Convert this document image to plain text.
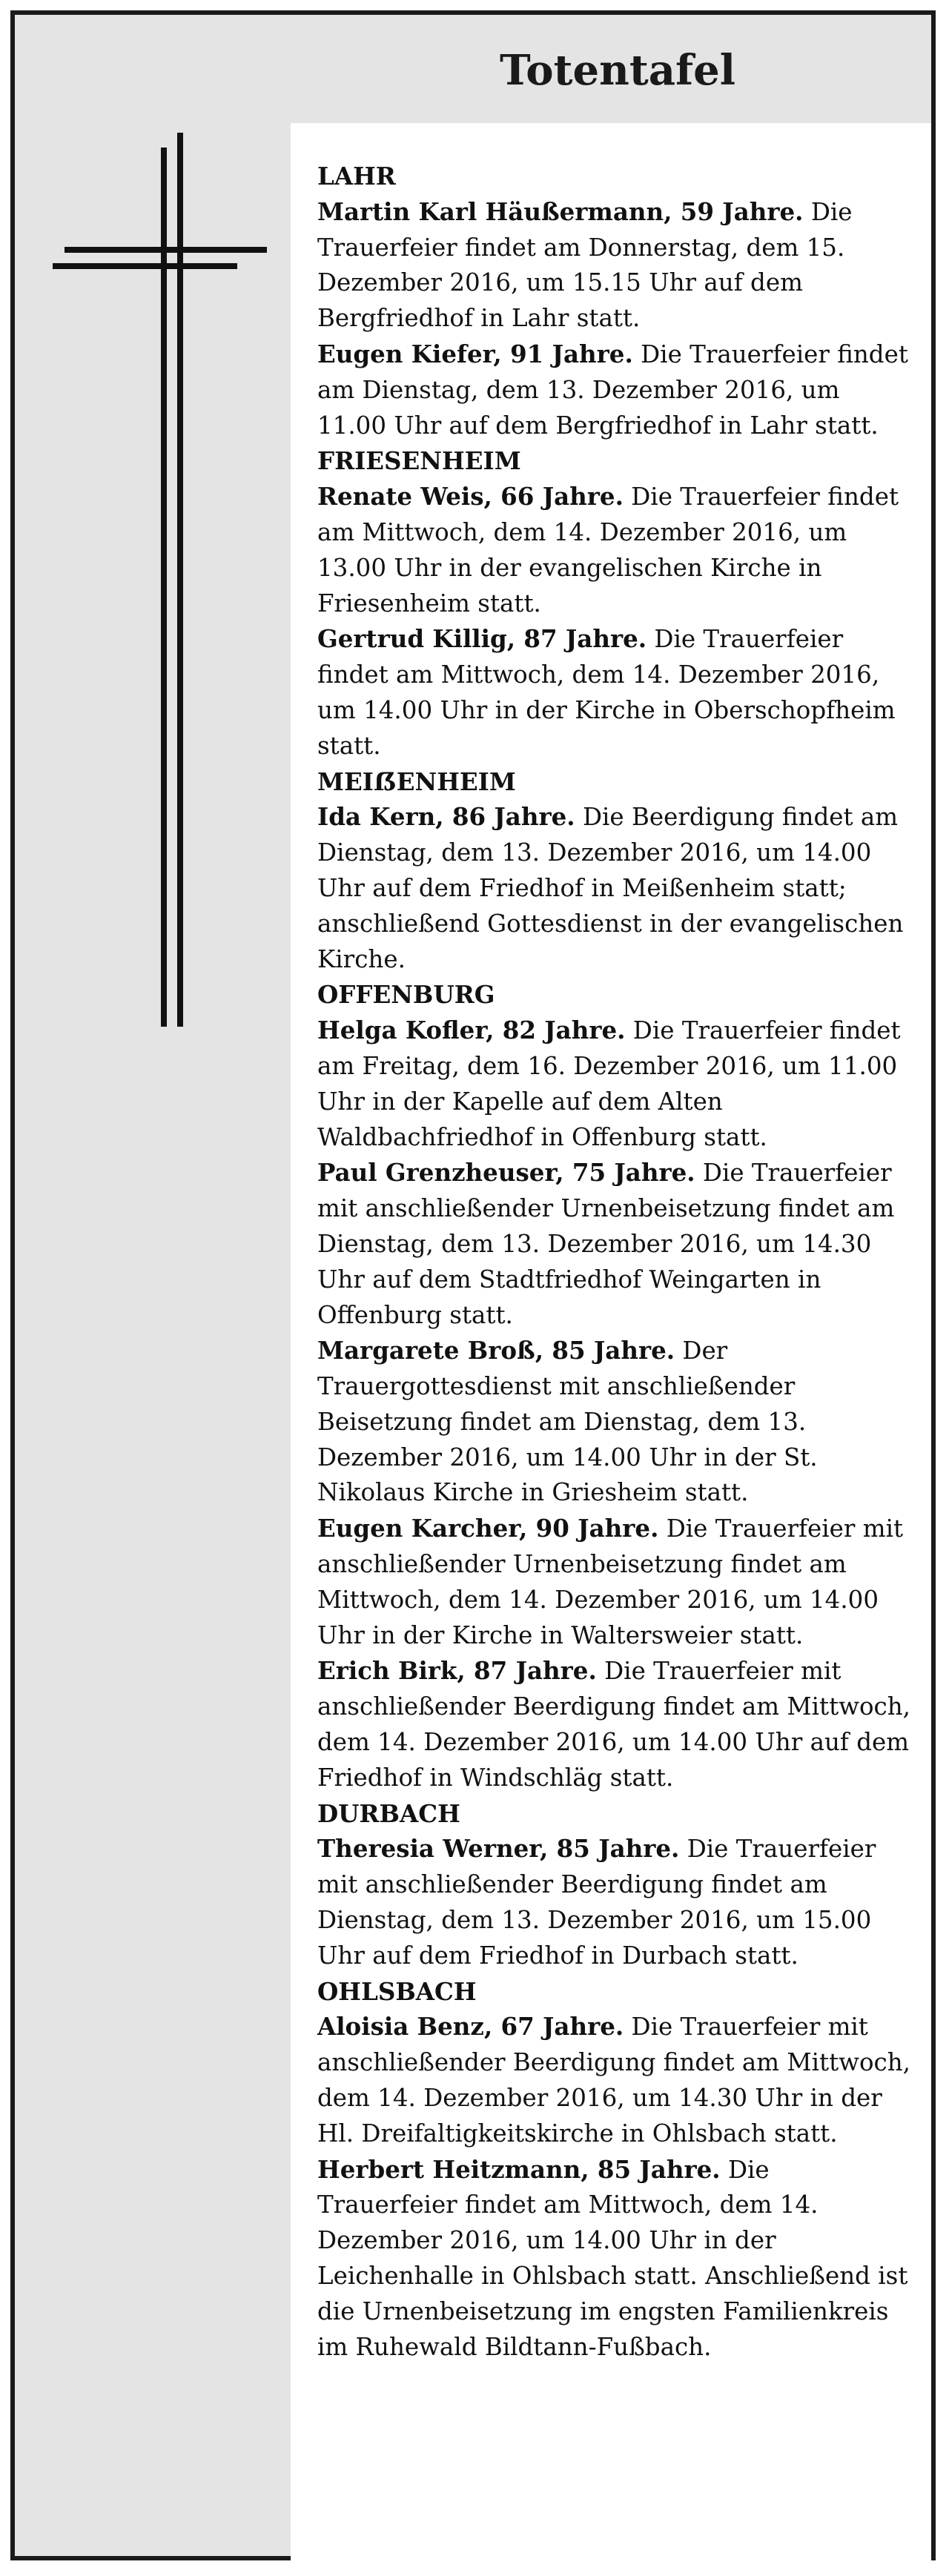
Totentafel
LAHR

Martin Karl Häußermann, 59 Jahre. Die Trauerfeier findet am Donnerstag, dem 15. Dezember 2016, um 15.15 Uhr auf dem Bergfriedhof in Lahr statt.

Eugen Kiefer, 91 Jahre. Die Trauerfeier findet am Dienstag, dem 13. Dezember 2016, um 11.00 Uhr auf dem Bergfriedhof in Lahr statt.

FRIESENHEIM

Renate Weis, 66 Jahre. Die Trauerfeier findet am Mittwoch, dem 14. Dezember 2016, um 13.00 Uhr in der evangelischen Kirche in Friesenheim statt.

Gertrud Killig, 87 Jahre. Die Trauerfeier findet am Mittwoch, dem 14. Dezember 2016, um 14.00 Uhr in der Kirche in Oberschopfheim statt.

MEIẞENHEIM

Ida Kern, 86 Jahre. Die Beerdigung findet am Dienstag, dem 13. Dezember 2016, um 14.00 Uhr auf dem Friedhof in Meißenheim statt; anschließend Gottesdienst in der evangelischen Kirche.

OFFENBURG

Helga Kofler, 82 Jahre. Die Trauerfeier findet am Freitag, dem 16. Dezember 2016, um 11.00 Uhr in der Kapelle auf dem Alten Waldbachfriedhof in Offenburg statt.

Paul Grenzheuser, 75 Jahre. Die Trauerfeier mit anschließender Urnenbeisetzung findet am Dienstag, dem 13. Dezember 2016, um 14.30 Uhr auf dem Stadtfriedhof Weingarten in Offenburg statt.

Margarete Broß, 85 Jahre. Der Trauergottesdienst mit anschließender Beisetzung findet am Dienstag, dem 13. Dezember 2016, um 14.00 Uhr in der St. Nikolaus Kirche in Griesheim statt.

Eugen Karcher, 90 Jahre. Die Trauerfeier mit anschließender Urnenbeisetzung findet am Mittwoch, dem 14. Dezember 2016, um 14.00 Uhr in der Kirche in Waltersweier statt.

Erich Birk, 87 Jahre. Die Trauerfeier mit anschließender Beerdigung findet am Mittwoch, dem 14. Dezember 2016, um 14.00 Uhr auf dem Friedhof in Windschläg statt.

DURBACH

Theresia Werner, 85 Jahre. Die Trauerfeier mit anschließender Beerdigung findet am Dienstag, dem 13. Dezember 2016, um 15.00 Uhr auf dem Friedhof in Durbach statt.

OHLSBACH

Aloisia Benz, 67 Jahre. Die Trauerfeier mit anschließender Beerdigung findet am Mittwoch, dem 14. Dezember 2016, um 14.30 Uhr in der Hl. Dreifaltigkeitskirche in Ohlsbach statt.

Herbert Heitzmann, 85 Jahre. Die Trauerfeier findet am Mittwoch, dem 14. Dezember 2016, um 14.00 Uhr in der Leichenhalle in Ohlsbach statt. Anschließend ist die Urnenbeisetzung im engsten Familienkreis im Ruhewald Bildtann-Fußbach.
